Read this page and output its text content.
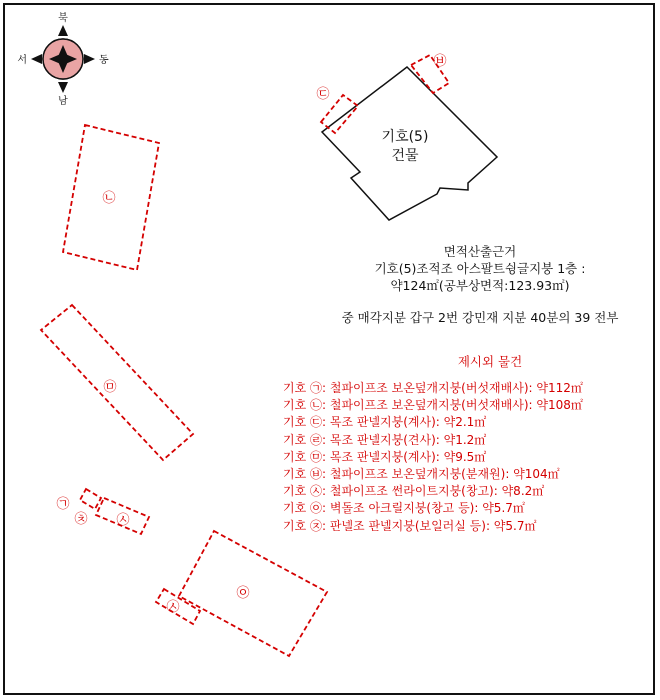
북
남
동
서
기호(5)
건물
㉢
㉥
㉡
㉤
㉧
㉠
㉩ ㉦
㉦
면적산출근거
기호(5)조적조 아스팔트슁글지붕 1층 :
약124㎡(공부상면적:123.93㎡)
중 매각지분 갑구 2번 강민재 지분 40분의 39 전부
제시외 물건
기호 ㉠: 철파이프조 보온덮개지붕(버섯재배사): 약112㎡
기호 ㉡: 철파이프조 보온덮개지붕(버섯재배사): 약108㎡
기호 ㉢: 목조 판넬지붕(계사): 약2.1㎡
기호 ㉣: 목조 판넬지붕(견사): 약1.2㎡
기호 ㉤: 목조 판넬지붕(계사): 약9.5㎡
기호 ㉥: 철파이프조 보온덮개지붕(분재원): 약104㎡
기호 ㉦: 철파이프조 썬라이트지붕(창고): 약8.2㎡
기호 ㉧: 벽돌조 아크릴지붕(창고 등): 약5.7㎡
기호 ㉨: 판넬조 판넬지붕(보일러실 등): 약5.7㎡
